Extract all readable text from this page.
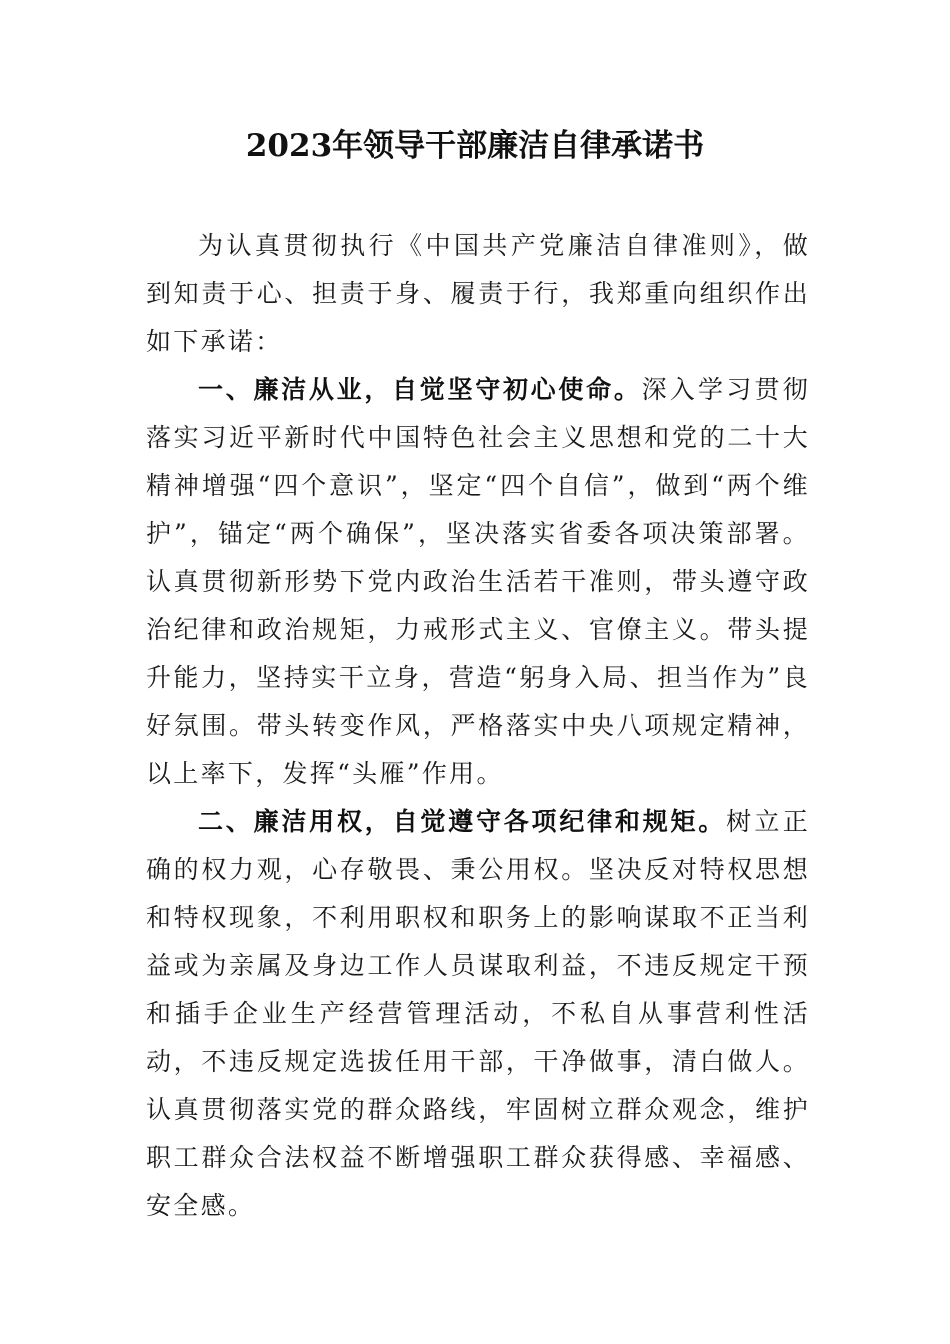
2023年领导干部廉洁自律承诺书

为认真贯彻执行《中国共产党廉洁自律准则》，做到知责于心、担责于身、履责于行，我郑重向组织作出如下承诺：

一、廉洁从业，自觉坚守初心使命。深入学习贯彻落实习近平新时代中国特色社会主义思想和党的二十大精神增强“四个意识”，坚定“四个自信”，做到“两个维护”，锚定“两个确保”，坚决落实省委各项决策部署。认真贯彻新形势下党内政治生活若干准则，带头遵守政治纪律和政治规矩，力戒形式主义、官僚主义。带头提升能力，坚持实干立身，营造“躬身入局、担当作为”良好氛围。带头转变作风，严格落实中央八项规定精神，以上率下，发挥“头雁”作用。

二、廉洁用权，自觉遵守各项纪律和规矩。树立正确的权力观，心存敬畏、秉公用权。坚决反对特权思想和特权现象，不利用职权和职务上的影响谋取不正当利益或为亲属及身边工作人员谋取利益，不违反规定干预和插手企业生产经营管理活动，不私自从事营利性活动，不违反规定选拔任用干部，干净做事，清白做人。认真贯彻落实党的群众路线，牢固树立群众观念，维护职工群众合法权益不断增强职工群众获得感、幸福感、安全感。
